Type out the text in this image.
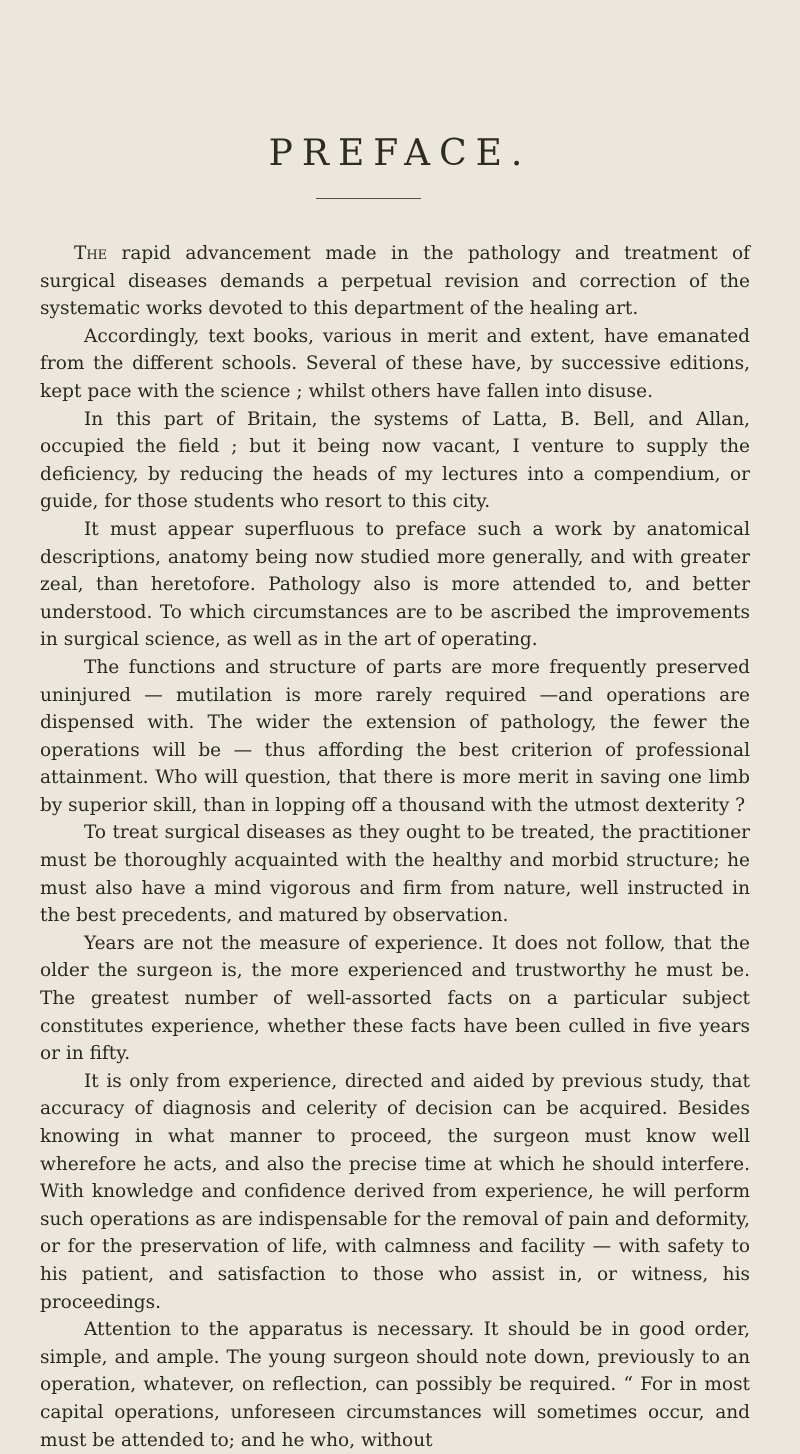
PREFACE.

The rapid advancement made in the pathology and treatment of surgical diseases demands a perpetual revision and correction of the systematic works devoted to this department of the healing art.

Accordingly, text books, various in merit and extent, have emanated from the different schools. Several of these have, by successive editions, kept pace with the science ; whilst others have fallen into disuse.

In this part of Britain, the systems of Latta, B. Bell, and Allan, occupied the field ; but it being now vacant, I venture to supply the deficiency, by reducing the heads of my lectures into a compendium, or guide, for those students who resort to this city.

It must appear superfluous to preface such a work by anatomical descriptions, anatomy being now studied more generally, and with greater zeal, than heretofore. Pathology also is more attended to, and better understood. To which circumstances are to be ascribed the improvements in surgical science, as well as in the art of operating.

The functions and structure of parts are more frequently preserved uninjured — mutilation is more rarely required —and operations are dispensed with. The wider the extension of pathology, the fewer the operations will be — thus affording the best criterion of professional attainment. Who will question, that there is more merit in saving one limb by superior skill, than in lopping off a thousand with the utmost dexterity ?

To treat surgical diseases as they ought to be treated, the practitioner must be thoroughly acquainted with the healthy and morbid structure; he must also have a mind vigorous and firm from nature, well instructed in the best precedents, and matured by observation.

Years are not the measure of experience. It does not follow, that the older the surgeon is, the more experienced and trustworthy he must be. The greatest number of well-assorted facts on a particular subject constitutes experience, whether these facts have been culled in five years or in fifty.

It is only from experience, directed and aided by previous study, that accuracy of diagnosis and celerity of decision can be acquired. Besides knowing in what manner to proceed, the surgeon must know well wherefore he acts, and also the precise time at which he should interfere. With knowledge and confidence derived from experience, he will perform such operations as are indispensable for the removal of pain and deformity, or for the preservation of life, with calmness and facility — with safety to his patient, and satisfaction to those who assist in, or witness, his proceedings.

Attention to the apparatus is necessary. It should be in good order, simple, and ample. The young surgeon should note down, previously to an operation, whatever, on reflection, can possibly be required. “ For in most capital operations, unforeseen circumstances will sometimes occur, and must be attended to; and he who, without
